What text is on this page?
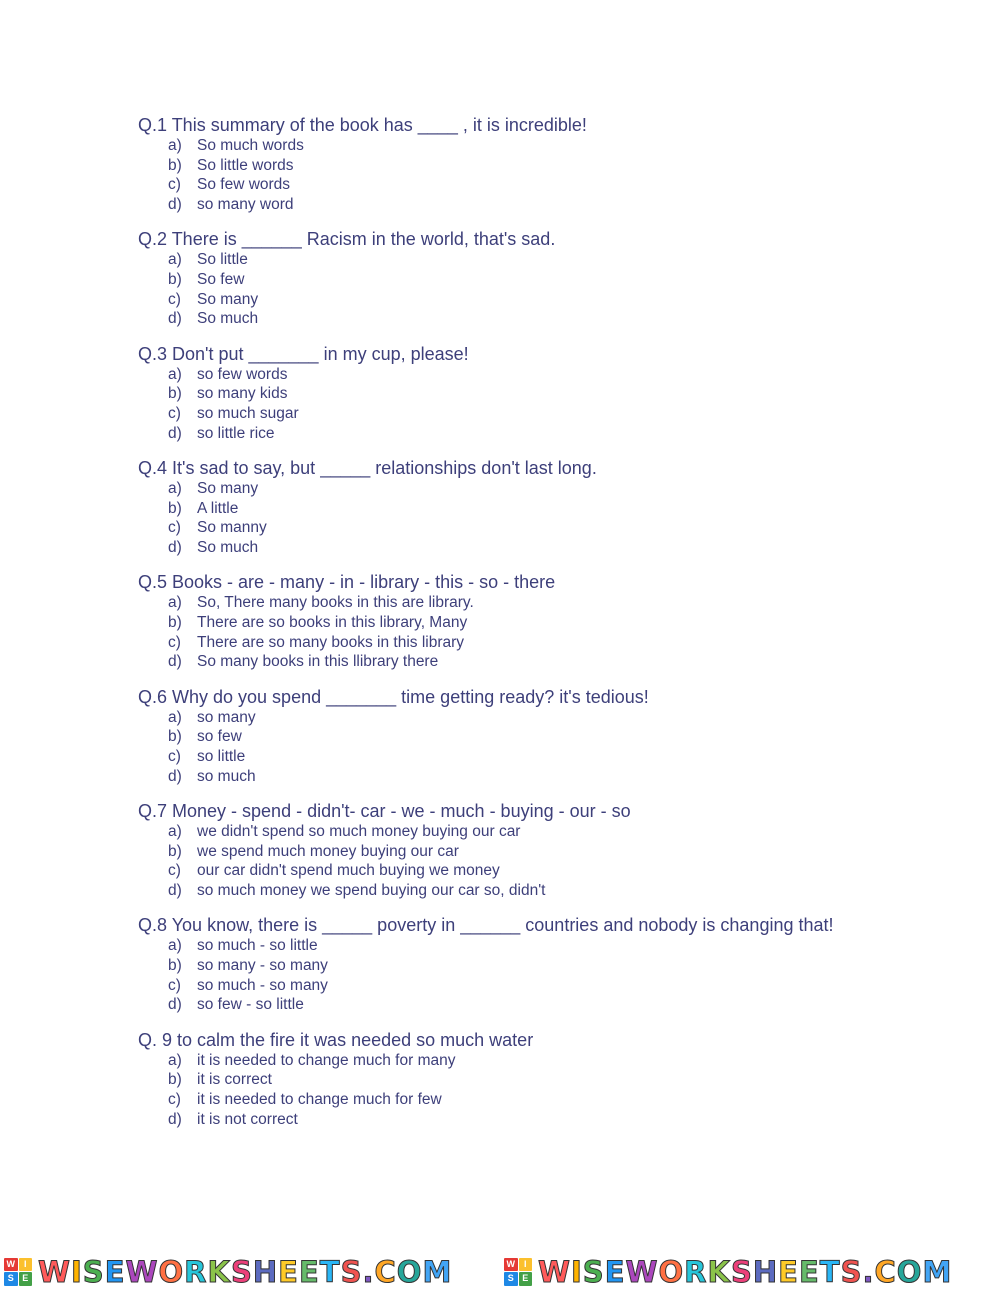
Q.1 This summary of the book has ____ , it is incredible!

a) So much words
b) So little words
c)	So few words
d) so many word

Q.2 There is ______ Racism in the world, that's sad.

a) So little
b) So few
c)	So many
d) So much

Q.3 Don't put _______ in my cup, please!

a) so few words
b) so many kids
c)	so much sugar
d) so little rice

Q.4 It's sad to say, but _____ relationships don't last long.

a) So many
b) A little
c)	So manny
d) So much

Q.5 Books - are - many - in - library - this - so - there

a) So, There many books in this are library.
b) There are so books in this library, Many
c)	There are so many books in this library
d) So many books in this llibrary there

Q.6 Why do you spend _______ time getting ready? it's tedious!

a) so many
b) so few
c)	so little
d) so much

Q.7 Money - spend - didn't- car - we - much - buying - our - so

a) we didn't spend so much money buying our car
b) we spend much money buying our car
c)	our car didn't spend much buying we money
d) so much money we spend buying our car so, didn't

Q.8 You know, there is _____ poverty in ______ countries and nobody is changing that!

a) so much - so little
b) so many - so many
c)	so much - so many
d) so few - so little

Q. 9 to calm the fire it was needed so much water

a) it is needed to change much for many
b) it is correct
c)	it is needed to change much for few
d) it is not correct
W I
S E WISEWORKSHEETS.COM	W I
S E WISEWORKSHEETS.COM
